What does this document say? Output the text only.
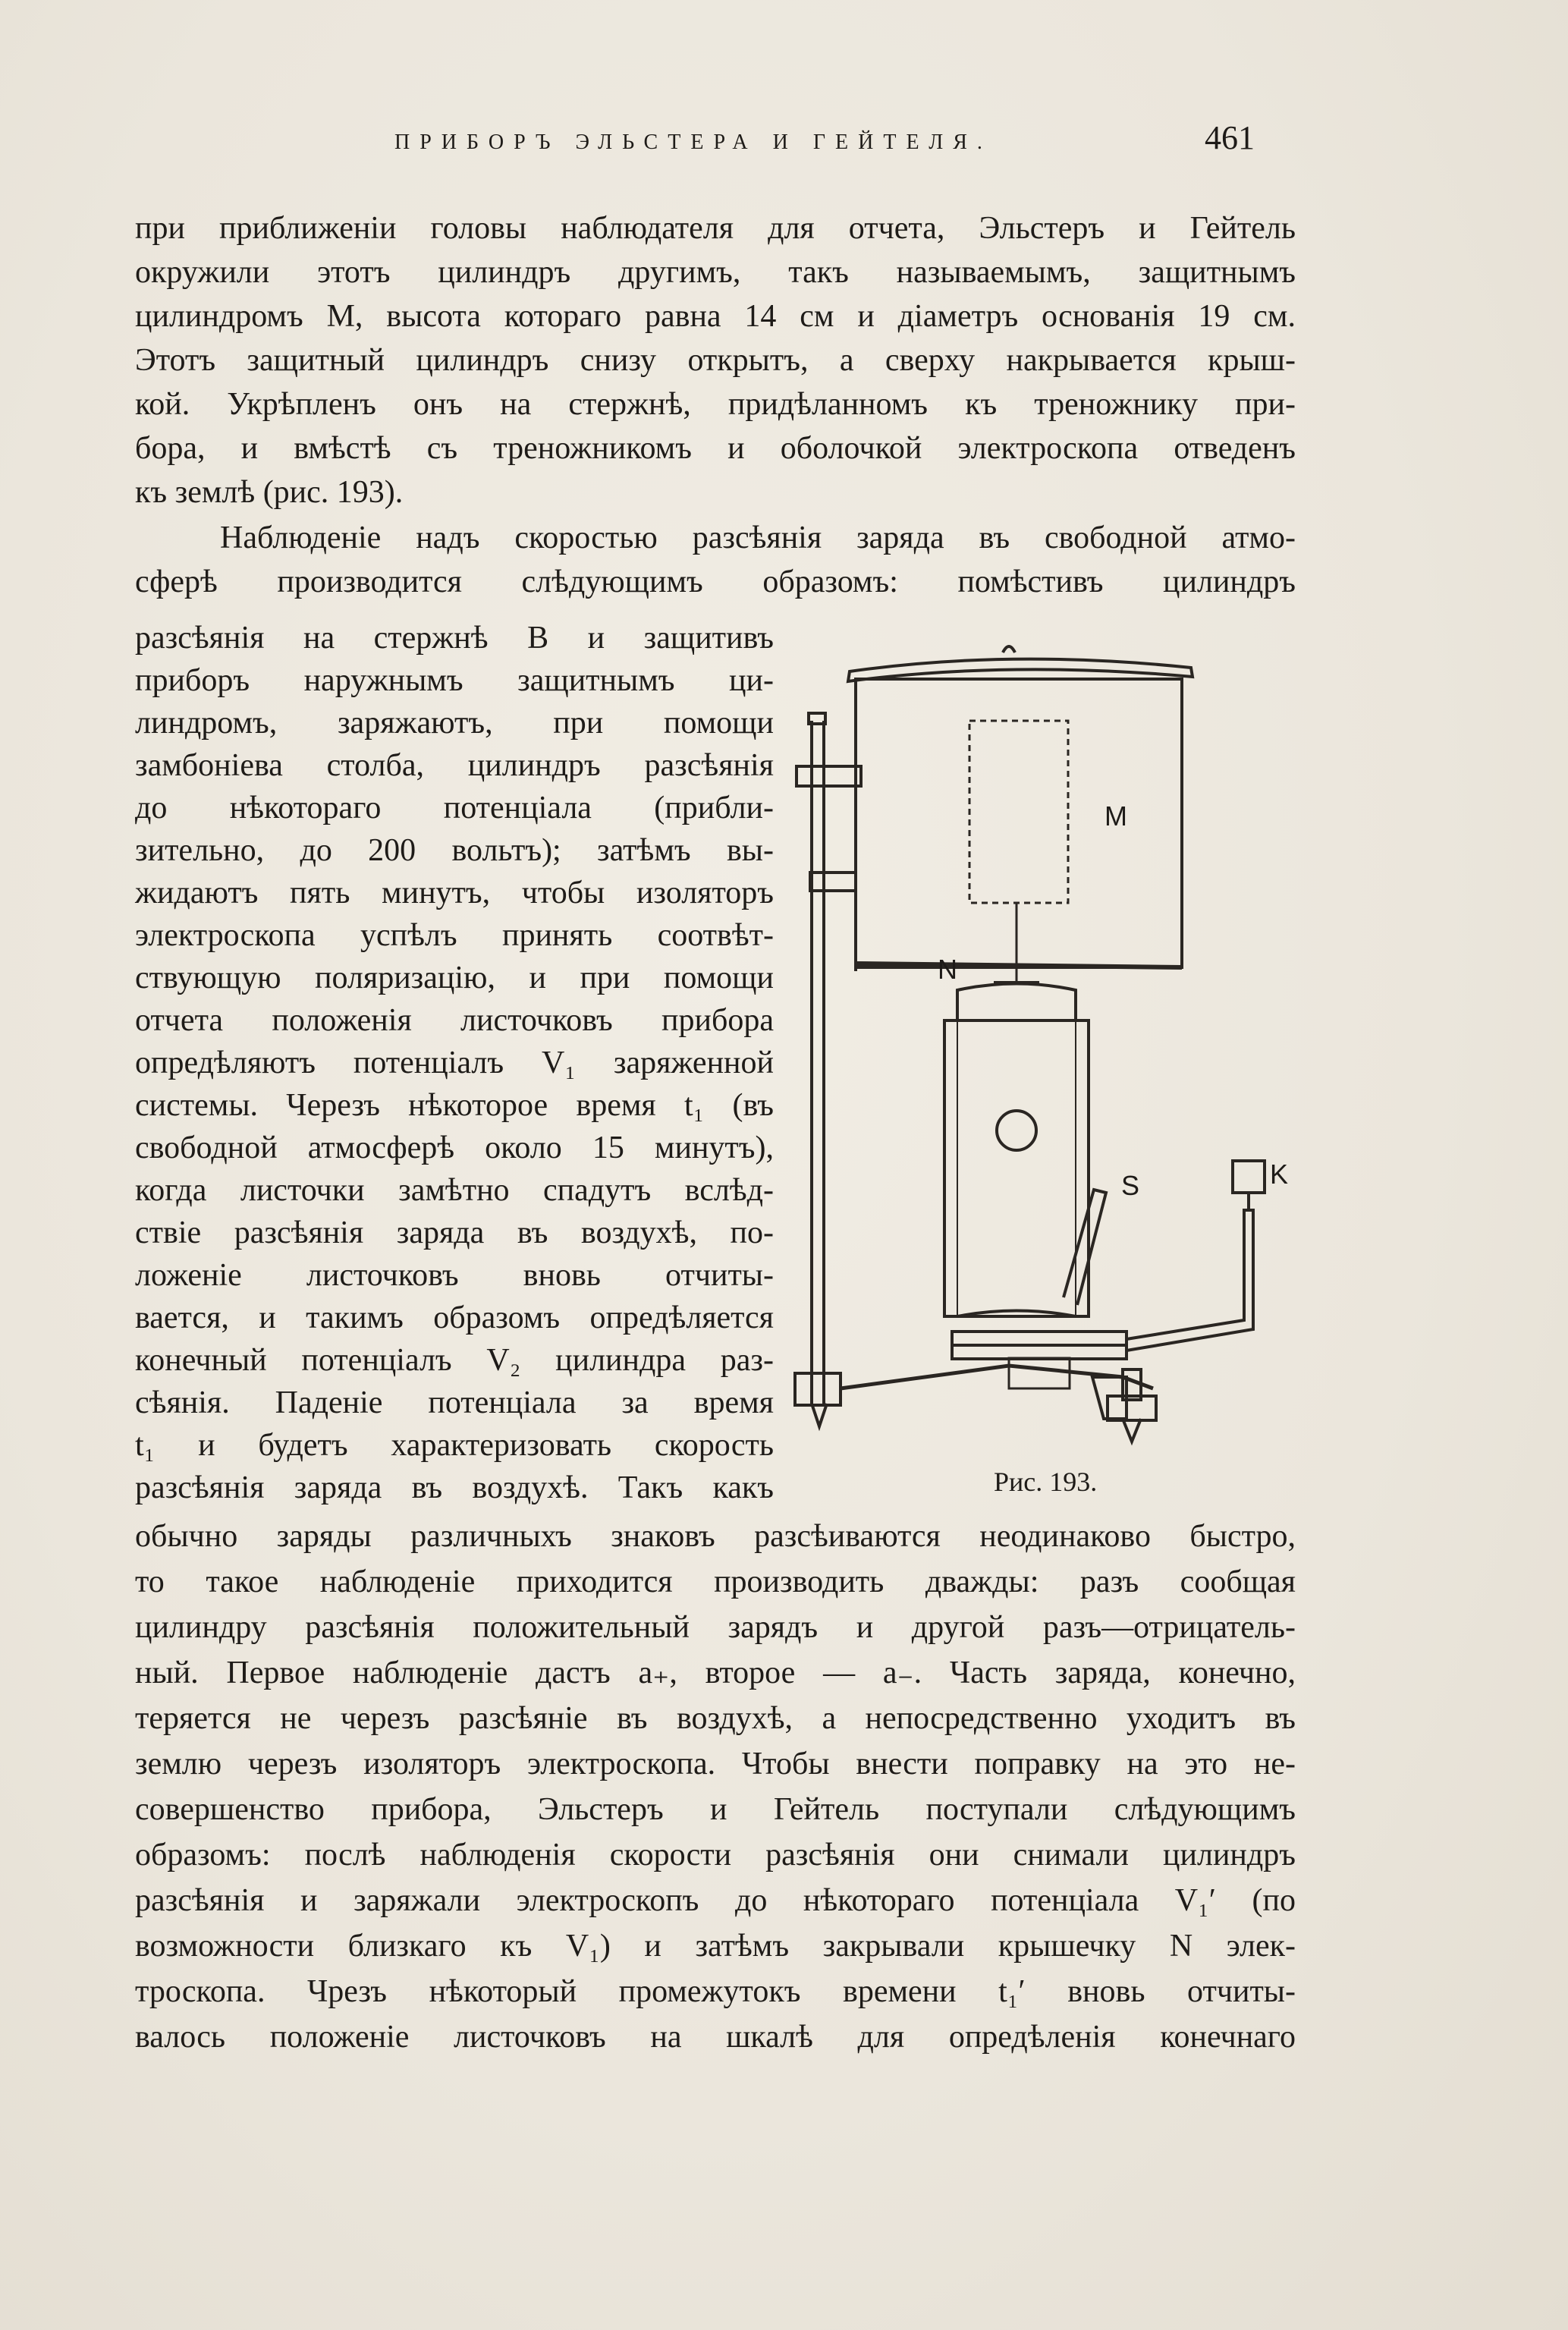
ПРИБОРЪ ЭЛЬСТЕРА И ГЕЙТЕЛЯ.	461
при приближеніи головы наблюдателя для отчета, Эльстеръ и Гейтель
окружили этотъ цилиндръ другимъ, такъ называемымъ, защитнымъ
цилиндромъ M, высота котораго равна 14 см и діаметръ основанія 19 см.
Этотъ защитный цилиндръ снизу открытъ, а сверху накрывается крыш-
кой. Укрѣпленъ онъ на стержнѣ, придѣланномъ къ треножнику при-
бора, и вмѣстѣ съ треножникомъ и оболочкой электроскопа отведенъ
къ землѣ (рис. 193).
Наблюденіе надъ скоростью разсѣянія заряда въ свободной атмо-
сферѣ производится слѣдующимъ образомъ: помѣстивъ цилиндръ
разсѣянія на стержнѣ B и защитивъ
приборъ наружнымъ защитнымъ ци-
линдромъ, заряжаютъ, при помощи
замбоніева столба, цилиндръ разсѣянія
до нѣкотораго потенціала (прибли-
зительно, до 200 вольтъ); затѣмъ вы-
жидаютъ пять минутъ, чтобы изоляторъ
электроскопа успѣлъ принять соотвѣт-
ствующую поляризацію, и при помощи
отчета положенія листочковъ прибора
опредѣляютъ потенціалъ V₁ заряженной
системы. Черезъ нѣкоторое время t₁ (въ
свободной атмосферѣ около 15 минутъ),
когда листочки замѣтно спадутъ вслѣд-
ствіе разсѣянія заряда въ воздухѣ, по-
ложеніе листочковъ вновь отчиты-
вается, и такимъ образомъ опредѣляется
конечный потенціалъ V₂ цилиндра раз-
сѣянія. Паденіе потенціала за время
t₁ и будетъ характеризовать скорость
разсѣянія заряда въ воздухѣ. Такъ какъ
обычно заряды различныхъ знаковъ разсѣиваются неодинаково быстро,
то такое наблюденіе приходится производить дважды: разъ сообщая
цилиндру разсѣянія положительный зарядъ и другой разъ—отрицатель-
ный. Первое наблюденіе дастъ a₊, второе — a₋. Часть заряда, конечно,
теряется не черезъ разсѣяніе въ воздухѣ, а непосредственно уходитъ въ
землю черезъ изоляторъ электроскопа. Чтобы внести поправку на это не-
совершенство прибора, Эльстеръ и Гейтель поступали слѣдующимъ
образомъ: послѣ наблюденія скорости разсѣянія они снимали цилиндръ
разсѣянія и заряжали электроскопъ до нѣкотораго потенціала V₁′ (по
возможности близкаго къ V₁) и затѣмъ закрывали крышечку N элек-
троскопа. Чрезъ нѣкоторый промежутокъ времени t₁′ вновь отчиты-
валось положеніе листочковъ на шкалѣ для опредѣленія конечнаго
M
N
S	K
Рис. 193.
